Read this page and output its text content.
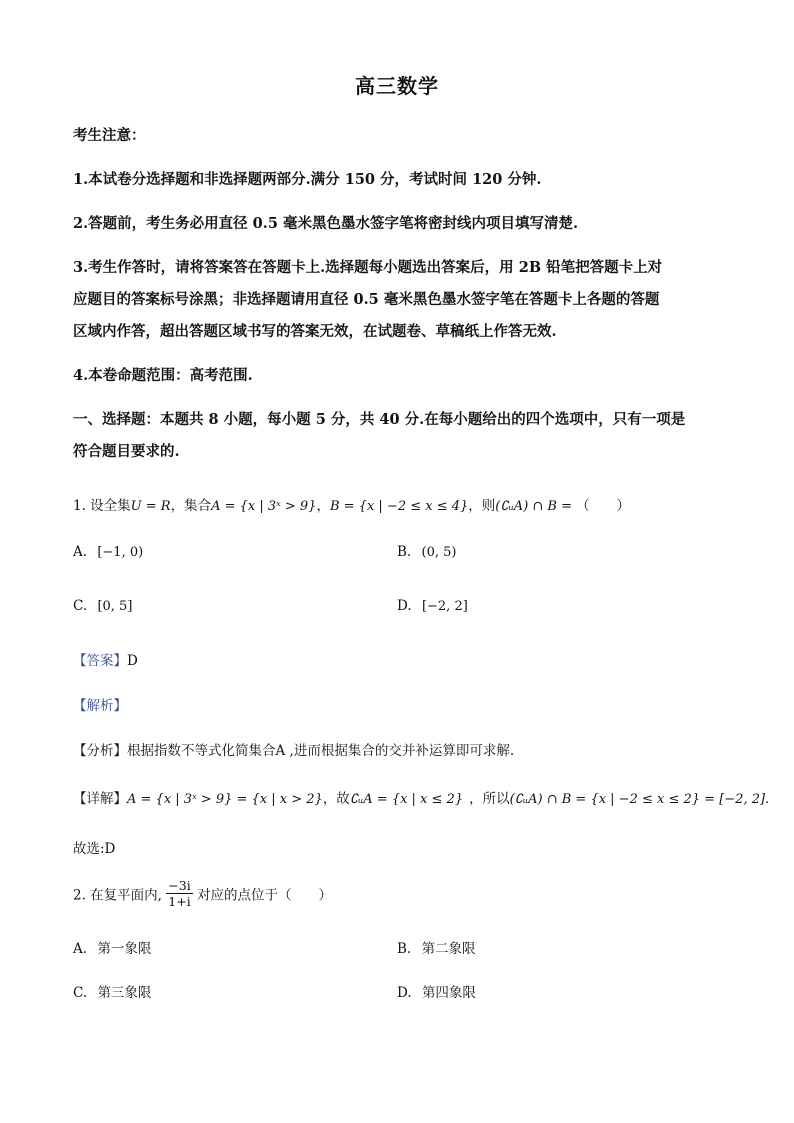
高三数学
考生注意：
1.本试卷分选择题和非选择题两部分.满分 150 分，考试时间 120 分钟.
2.答题前，考生务必用直径 0.5 毫米黑色墨水签字笔将密封线内项目填写清楚.
3.考生作答时，请将答案答在答题卡上.选择题每小题选出答案后，用 2B 铅笔把答题卡上对
应题目的答案标号涂黑；非选择题请用直径 0.5 毫米黑色墨水签字笔在答题卡上各题的答题
区域内作答，超出答题区域书写的答案无效，在试题卷、草稿纸上作答无效.
4.本卷命题范围：高考范围.
一、选择题：本题共 8 小题，每小题 5 分，共 40 分.在每小题给出的四个选项中，只有一项是
符合题目要求的.
1. 设全集U = R，集合A = {x | 3ˣ > 9}，B = {x | −2 ≤ x ≤ 4}，则(∁ᵤA) ∩ B = （　　）
A. [−1, 0)	B. (0, 5)
C. [0, 5]	D. [−2, 2]
【答案】D
【解析】
【分析】根据指数不等式化简集合A ,进而根据集合的交并补运算即可求解.
【详解】A = {x | 3ˣ > 9} = {x | x > 2}，故∁ᵤA = {x | x ≤ 2} ，所以(∁ᵤA) ∩ B = {x | −2 ≤ x ≤ 2} = [−2, 2].
故选:D
2. 在复平面内, $\frac{-3i}{1+i}$ 对应的点位于（　　）
A. 第一象限	B. 第二象限
C. 第三象限	D. 第四象限
